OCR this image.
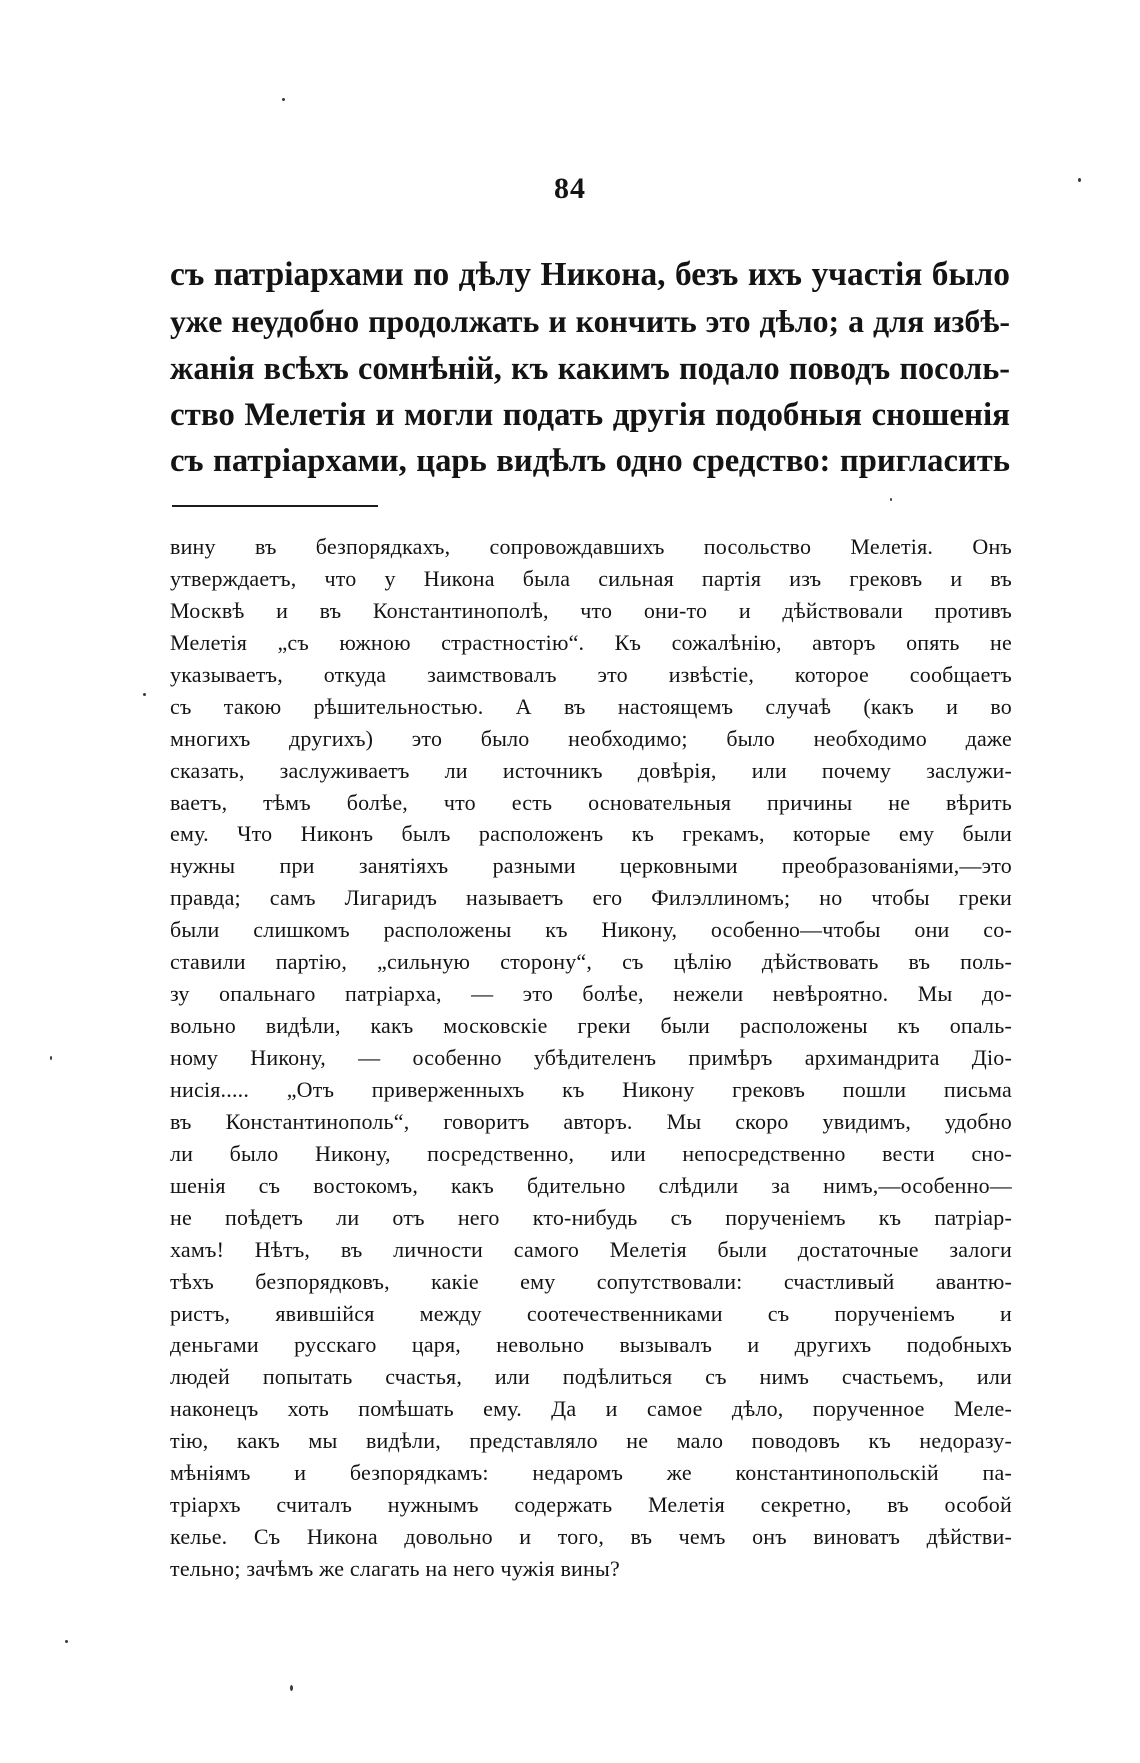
84
съ патріархами по дѣлу Никона, безъ ихъ участія было
уже неудобно продолжать и кончить это дѣло; а для избѣ-
жанія всѣхъ сомнѣній, къ какимъ подало поводъ посоль-
ство Мелетія и могли подать другія подобныя сношенія
съ патріархами, царь видѣлъ одно средство: пригласить
вину въ безпорядкахъ, сопровождавшихъ посольство Мелетія. Онъ
утверждаетъ, что у Никона была сильная партія изъ грековъ и въ
Москвѣ и въ Константинополѣ, что они-то и дѣйствовали противъ
Мелетія „съ южною страстностію“. Къ сожалѣнію, авторъ опять не
указываетъ, откуда заимствовалъ это извѣстіе, которое сообщаетъ
съ такою рѣшительностью. А въ настоящемъ случаѣ (какъ и во
многихъ другихъ) это было необходимо; было необходимо даже
сказать, заслуживаетъ ли источникъ довѣрія, или почему заслужи-
ваетъ, тѣмъ болѣе, что есть основательныя причины не вѣрить
ему. Что Никонъ былъ расположенъ къ грекамъ, которые ему были
нужны при занятіяхъ разными церковными преобразованіями,—это
правда; самъ Лигаридъ называетъ его Филэллиномъ; но чтобы греки
были слишкомъ расположены къ Никону, особенно—чтобы они со-
ставили партію, „сильную сторону“, съ цѣлію дѣйствовать въ поль-
зу опальнаго патріарха, — это болѣе, нежели невѣроятно. Мы до-
вольно видѣли, какъ московскіе греки были расположены къ опаль-
ному Никону, — особенно убѣдителенъ примѣръ архимандрита Діо-
нисія..... „Отъ приверженныхъ къ Никону грековъ пошли письма
въ Константинополь“, говоритъ авторъ. Мы скоро увидимъ, удобно
ли было Никону, посредственно, или непосредственно вести сно-
шенія съ востокомъ, какъ бдительно слѣдили за нимъ,—особенно—
не поѣдетъ ли отъ него кто-нибудь съ порученіемъ къ патріар-
хамъ! Нѣтъ, въ личности самого Мелетія были достаточные залоги
тѣхъ безпорядковъ, какіе ему сопутствовали: счастливый авантю-
ристъ, явившійся между соотечественниками съ порученіемъ и
деньгами русскаго царя, невольно вызывалъ и другихъ подобныхъ
людей попытать счастья, или подѣлиться съ нимъ счастьемъ, или
наконецъ хоть помѣшать ему. Да и самое дѣло, порученное Меле-
тію, какъ мы видѣли, представляло не мало поводовъ къ недоразу-
мѣніямъ и безпорядкамъ: недаромъ же константинопольскій па-
тріархъ считалъ нужнымъ содержать Мелетія секретно, въ особой
келье. Съ Никона довольно и того, въ чемъ онъ виноватъ дѣйстви-
тельно; зачѣмъ же слагать на него чужія вины?
